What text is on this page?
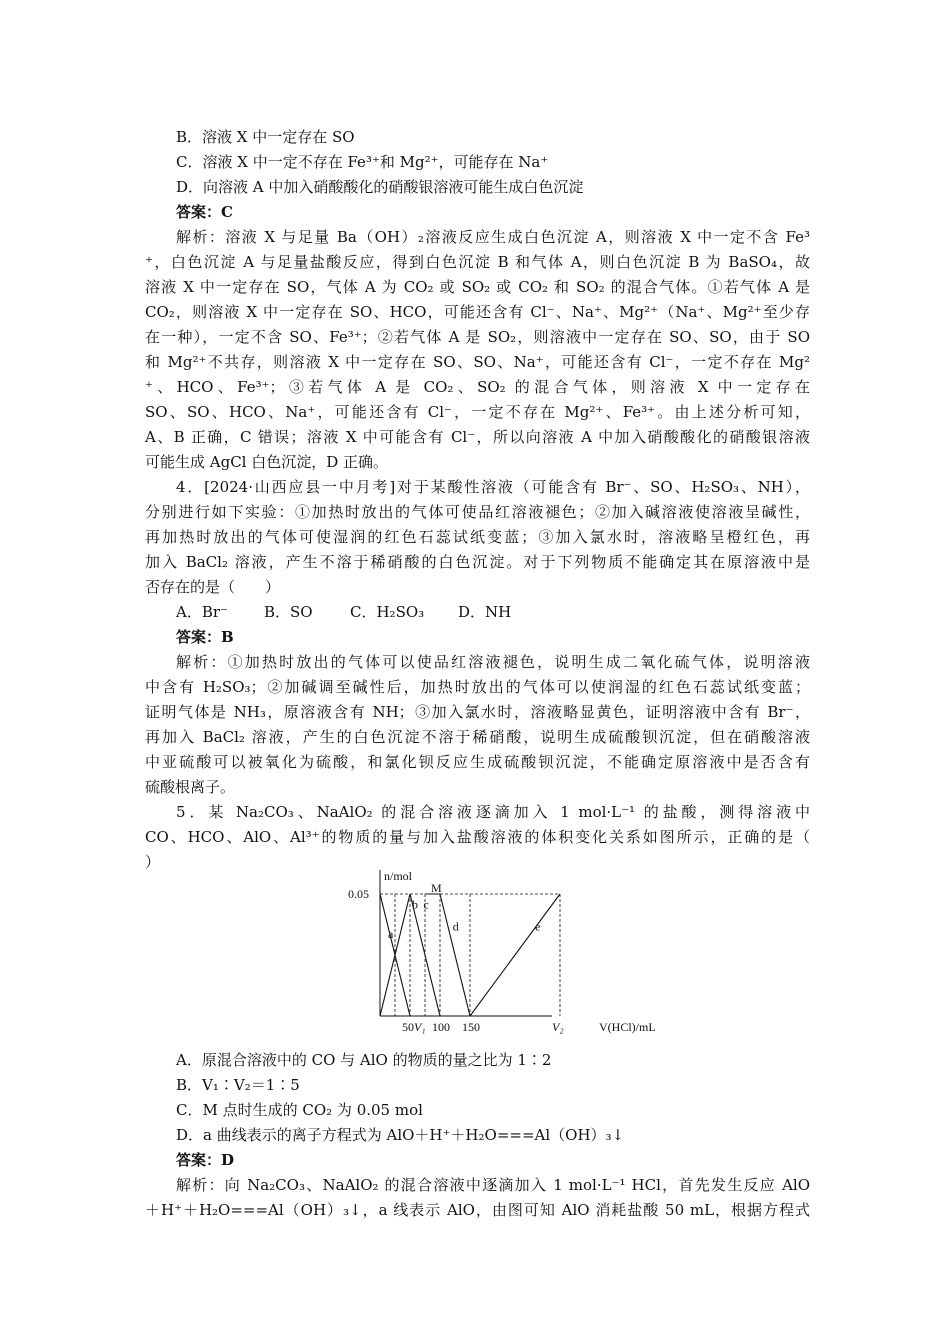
B．溶液 X 中一定存在 SO
C．溶液 X 中一定不存在 Fe³⁺和 Mg²⁺，可能存在 Na⁺
D．向溶液 A 中加入硝酸酸化的硝酸银溶液可能生成白色沉淀
答案：C
解析：溶液 X 与足量 Ba（OH）₂溶液反应生成白色沉淀 A，则溶液 X 中一定不含 Fe³
⁺，白色沉淀 A 与足量盐酸反应，得到白色沉淀 B 和气体 A，则白色沉淀 B 为 BaSO₄，故
溶液 X 中一定存在 SO，气体 A 为 CO₂ 或 SO₂ 或 CO₂ 和 SO₂ 的混合气体。①若气体 A 是
CO₂，则溶液 X 中一定存在 SO、HCO，可能还含有 Cl⁻、Na⁺、Mg²⁺（Na⁺、Mg²⁺至少存
在一种），一定不含 SO、Fe³⁺；②若气体 A 是 SO₂，则溶液中一定存在 SO、SO，由于 SO
和 Mg²⁺不共存，则溶液 X 中一定存在 SO、SO、Na⁺，可能还含有 Cl⁻，一定不存在 Mg²
⁺、HCO、Fe³⁺；③若气体 A 是 CO₂、SO₂ 的混合气体，则溶液 X 中一定存在
SO、SO、HCO、Na⁺，可能还含有 Cl⁻，一定不存在 Mg²⁺、Fe³⁺。由上述分析可知，
A、B 正确，C 错误；溶液 X 中可能含有 Cl⁻，所以向溶液 A 中加入硝酸酸化的硝酸银溶液
可能生成 AgCl 白色沉淀，D 正确。
4．[2024·山西应县一中月考]对于某酸性溶液（可能含有 Br⁻、SO、H₂SO₃、NH），
分别进行如下实验：①加热时放出的气体可使品红溶液褪色；②加入碱溶液使溶液呈碱性，
再加热时放出的气体可使湿润的红色石蕊试纸变蓝；③加入氯水时，溶液略呈橙红色，再
加入 BaCl₂ 溶液，产生不溶于稀硝酸的白色沉淀。对于下列物质不能确定其在原溶液中是
否存在的是（　　）
A．Br⁻ B．SO C．H₂SO₃ D．NH
答案：B
解析：①加热时放出的气体可以使品红溶液褪色，说明生成二氧化硫气体，说明溶液
中含有 H₂SO₃；②加碱调至碱性后，加热时放出的气体可以使润湿的红色石蕊试纸变蓝；
证明气体是 NH₃，原溶液含有 NH；③加入氯水时，溶液略显黄色，证明溶液中含有 Br⁻，
再加入 BaCl₂ 溶液，产生的白色沉淀不溶于稀硝酸，说明生成硫酸钡沉淀，但在硝酸溶液
中亚硫酸可以被氧化为硫酸，和氯化钡反应生成硫酸钡沉淀，不能确定原溶液中是否含有
硫酸根离子。
5．某 Na₂CO₃、NaAlO₂ 的混合溶液逐滴加入 1 mol·L⁻¹ 的盐酸，测得溶液中
CO、HCO、AlO、Al³⁺的物质的量与加入盐酸溶液的体积变化关系如图所示，正确的是（
）
n/mol
0.05	M
V(HCl)/mL
50 V₁ 100 150	V₂
a
b c
d	e
A．原混合溶液中的 CO 与 AlO 的物质的量之比为 1∶2
B．V₁∶V₂＝1∶5
C．M 点时生成的 CO₂ 为 0.05 mol
D．a 曲线表示的离子方程式为 AlO＋H⁺＋H₂O===Al（OH）₃↓
答案：D
解析：向 Na₂CO₃、NaAlO₂ 的混合溶液中逐滴加入 1 mol·L⁻¹ HCl，首先发生反应 AlO
＋H⁺＋H₂O===Al（OH）₃↓，a 线表示 AlO，由图可知 AlO 消耗盐酸 50 mL，根据方程式
